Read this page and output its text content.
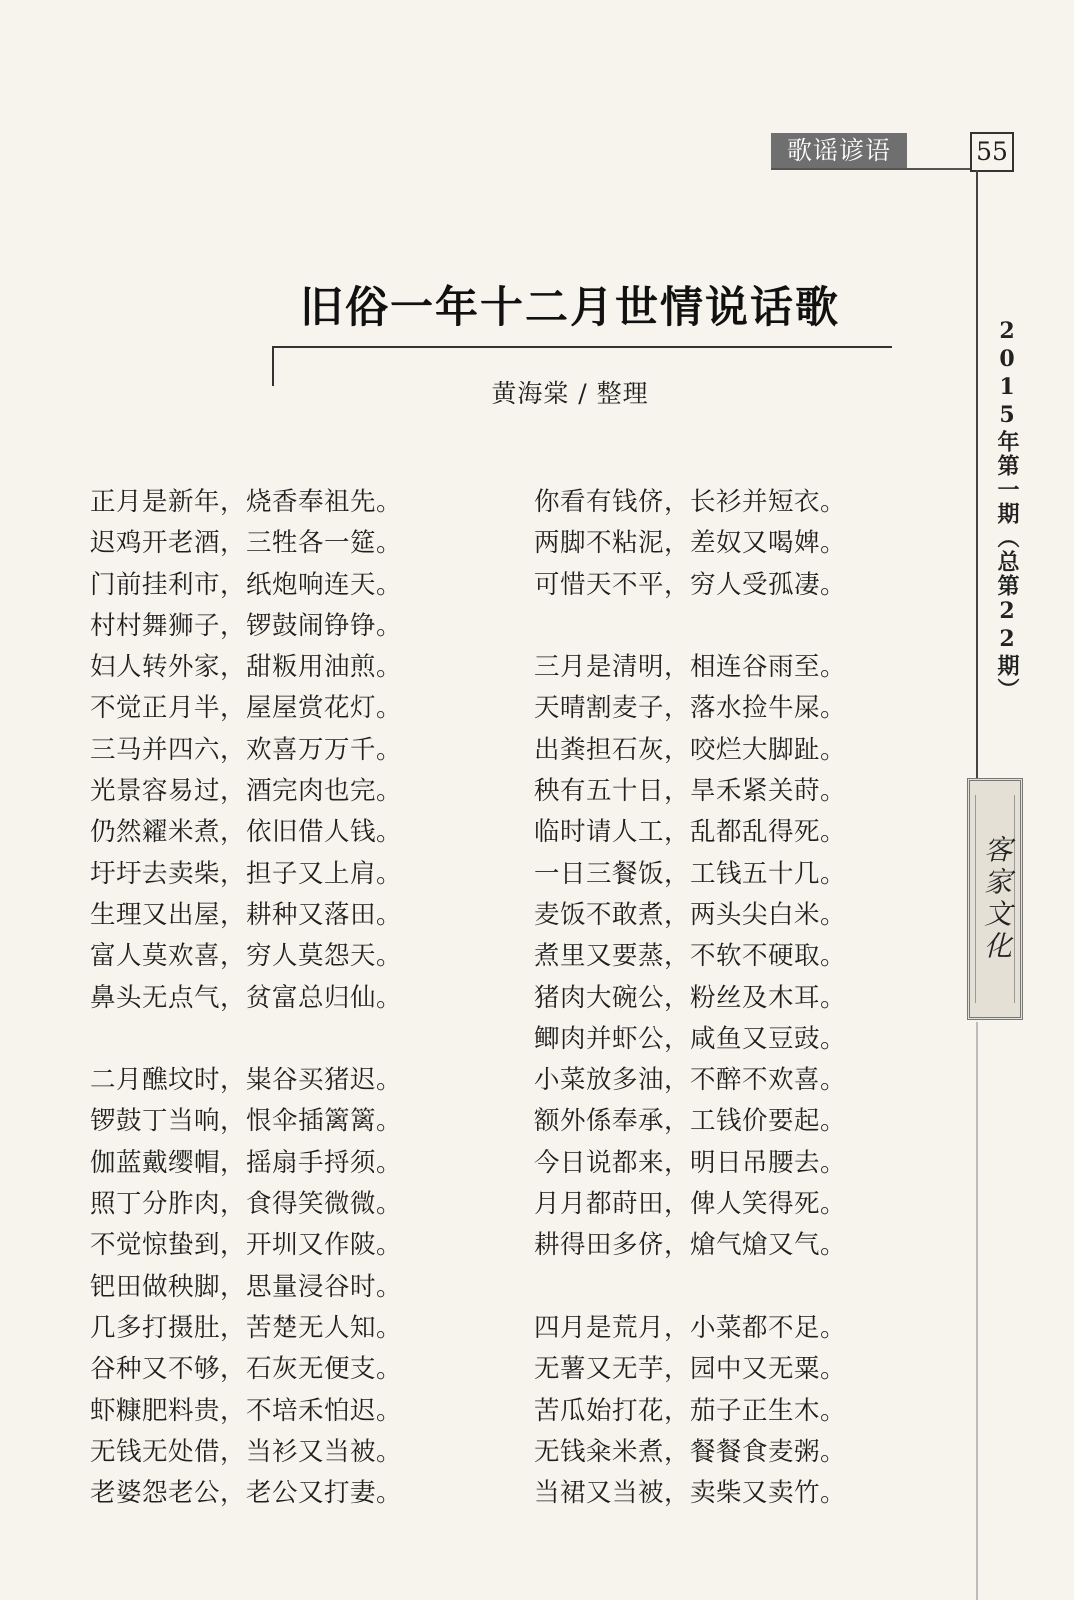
歌谣谚语	55
2015年第一期（总第22期）
客家文化
旧俗一年十二月世情说话歌
黄海棠 / 整理
正月是新年，烧香奉祖先。
迟鸡开老酒，三牲各一筵。
门前挂利市，纸炮响连天。
村村舞狮子，锣鼓闹铮铮。
妇人转外家，甜粄用油煎。
不觉正月半，屋屋赏花灯。
三马并四六，欢喜万万千。
光景容易过，酒完肉也完。
仍然糴米煮，依旧借人钱。
圩圩去卖柴，担子又上肩。
生理又出屋，耕种又落田。
富人莫欢喜，穷人莫怨天。
鼻头无点气，贫富总归仙。
二月醮坟时，粜谷买猪迟。
锣鼓丁当响，恨伞插篱篱。
伽蓝戴缨帽，摇扇手捋须。
照丁分胙肉，食得笑微微。
不觉惊蛰到，开圳又作陂。
钯田做秧脚，思量浸谷时。
几多打摄肚，苦楚无人知。
谷种又不够，石灰无便支。
虾糠肥料贵，不培禾怕迟。
无钱无处借，当衫又当被。
老婆怨老公，老公又打妻。
你看有钱侪，长衫并短衣。
两脚不粘泥，差奴又喝婢。
可惜天不平，穷人受孤凄。
三月是清明，相连谷雨至。
天晴割麦子，落水捡牛屎。
出粪担石灰，咬烂大脚趾。
秧有五十日，旱禾紧关莳。
临时请人工，乱都乱得死。
一日三餐饭，工钱五十几。
麦饭不敢煮，两头尖白米。
煮里又要蒸，不软不硬取。
猪肉大碗公，粉丝及木耳。
鲫肉并虾公，咸鱼又豆豉。
小菜放多油，不醉不欢喜。
额外係奉承，工钱价要起。
今日说都来，明日吊腰去。
月月都莳田，俾人笑得死。
耕得田多侪，熗气熗又气。
四月是荒月，小菜都不足。
无薯又无芋，园中又无粟。
苦瓜始打花，茄子正生木。
无钱籴米煮，餐餐食麦粥。
当裙又当被，卖柴又卖竹。
